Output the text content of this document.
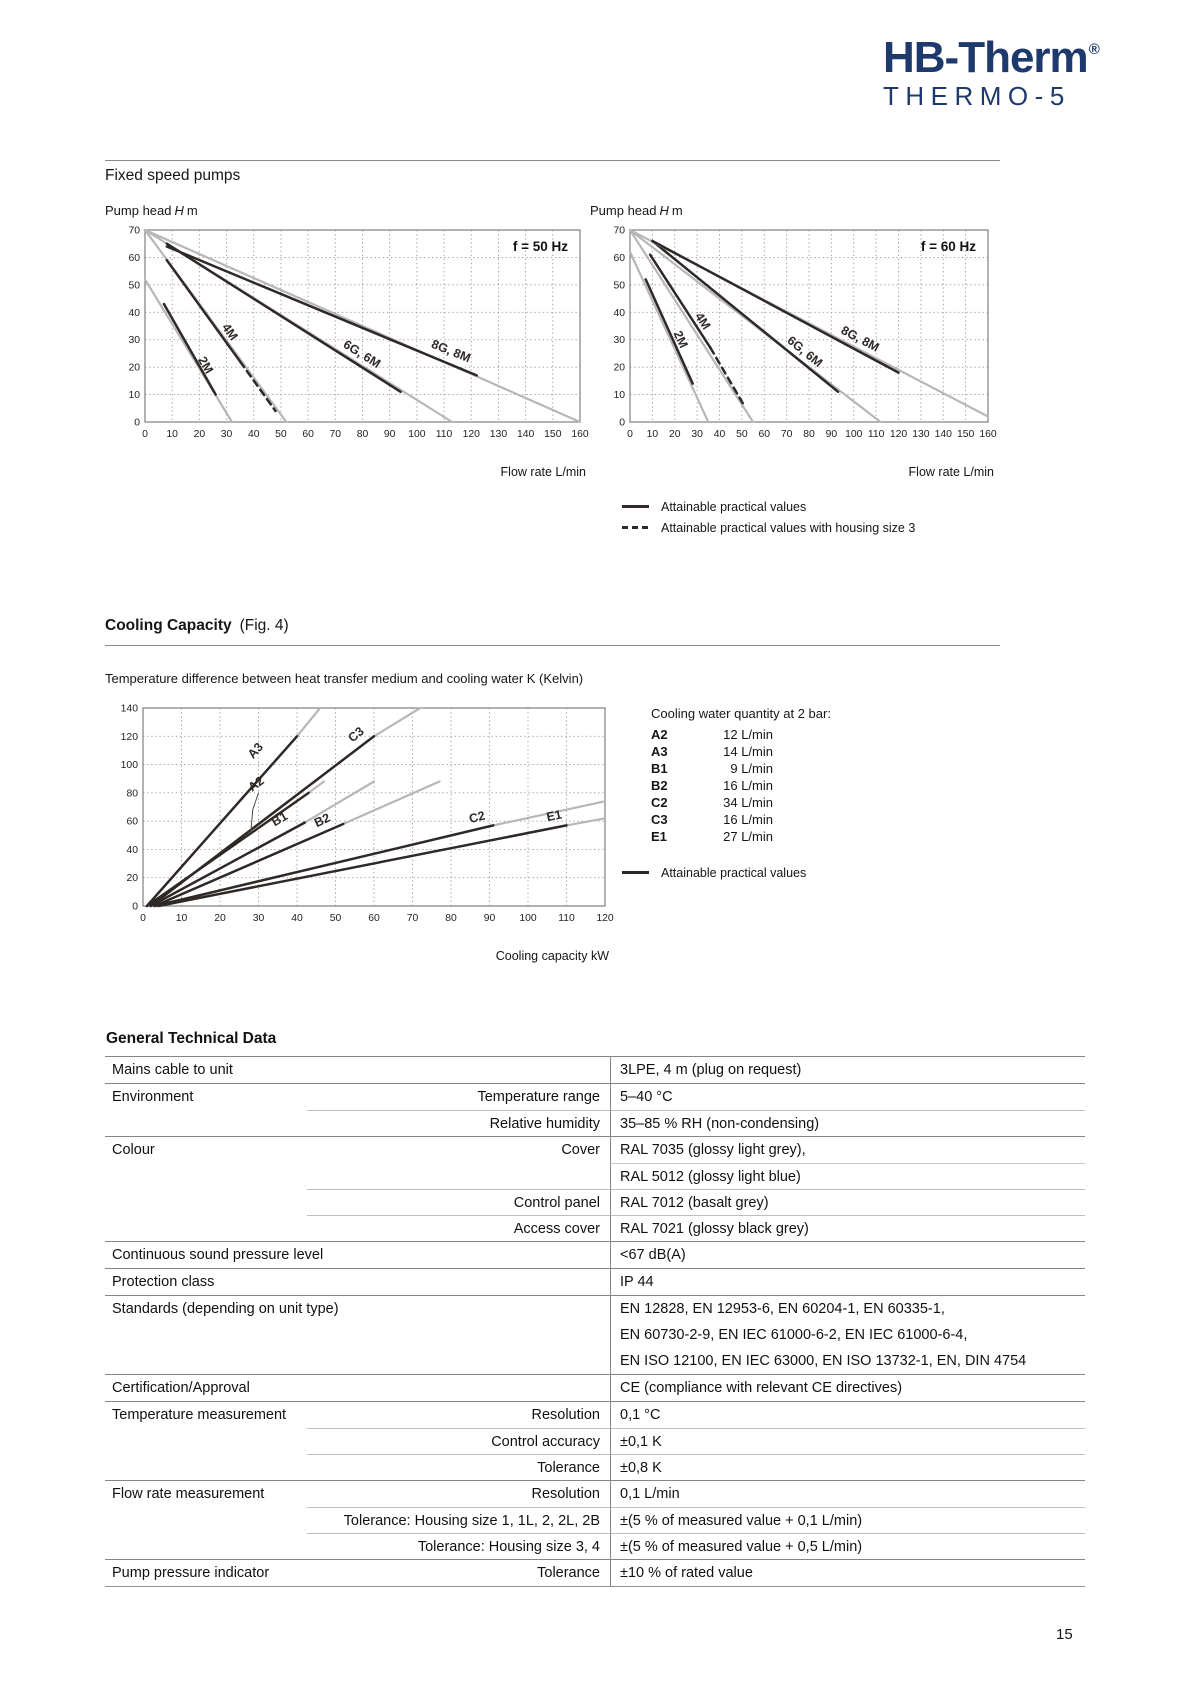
HB-Therm®
THERMO-5
Fixed speed pumps
Pump head H m
2M
4M
6G, 6M	8G, 8M
0 10 20 30 40 50 60 70 80 90 100 110 120 130 140 150 160
0
10
20
30
40
50
60
70
f = 50 Hz
Flow rate L/min
Pump head H m
2M
4M
6G, 6M 8G, 8M
0 10 20 30 40 50 60 70 80 90 100 110 120 130 140 150 160
0
10
20
30
40
50
60
70
f = 60 Hz
Flow rate L/min
Attainable practical values
Attainable practical values with housing size 3
Cooling Capacity (Fig. 4)
Temperature difference between heat transfer medium and cooling water K (Kelvin)
A3
C3
A2
B1 B2	C2	E1
0	10	20	30	40	50	60	70	80	90 100 110 120
0
20
40
60
80
100
120
140
Cooling capacity kW
Cooling water quantity at 2 bar:
A2	12 L/min
A3	14 L/min
B1	9 L/min
B2	16 L/min
C2	34 L/min
C3	16 L/min
E1	27 L/min
Attainable practical values
General Technical Data
Mains cable to unit	3LPE, 4 m (plug on request)
Environment	Temperature range	5–40 °C
Relative humidity	35–85 % RH (non-condensing)
Colour	Cover	RAL 7035 (glossy light grey),
RAL 5012 (glossy light blue)
Control panel	RAL 7012 (basalt grey)
Access cover	RAL 7021 (glossy black grey)
Continuous sound pressure level	<67 dB(A)
Protection class	IP 44
Standards (depending on unit type)	EN 12828, EN 12953-6, EN 60204-1, EN 60335-1,
EN 60730-2-9, EN IEC 61000-6-2, EN IEC 61000-6-4,
EN ISO 12100, EN IEC 63000, EN ISO 13732-1, EN, DIN 4754
Certification/Approval	CE (compliance with relevant CE directives)
Temperature measurement	Resolution	0,1 °C
Control accuracy	±0,1 K
Tolerance	±0,8 K
Flow rate measurement	Resolution	0,1 L/min
Tolerance: Housing size 1, 1L, 2, 2L, 2B	±(5 % of measured value + 0,1 L/min)
Tolerance: Housing size 3, 4	±(5 % of measured value + 0,5 L/min)
Pump pressure indicator	Tolerance	±10 % of rated value
15
